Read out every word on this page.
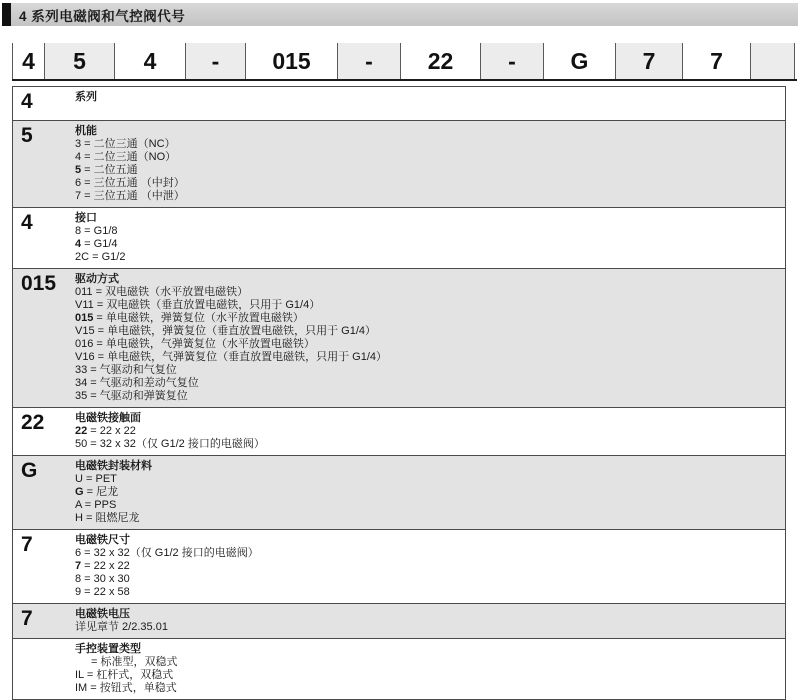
4 系列电磁阀和气控阀代号
4	5	4	-	015	-	22	-	G	7	7
4	系列
5	机能
3 = 二位三通（NC）
4 = 二位三通（NO）
5 = 二位五通
6 = 三位五通 （中封）
7 = 三位五通 （中泄）
4	接口
8 = G1/8
4 = G1/4
2C = G1/2
015	驱动方式
011 = 双电磁铁（水平放置电磁铁）
V11 = 双电磁铁（垂直放置电磁铁，只用于 G1/4）
015 = 单电磁铁，弹簧复位（水平放置电磁铁）
V15 = 单电磁铁，弹簧复位（垂直放置电磁铁，只用于 G1/4）
016 = 单电磁铁，气弹簧复位（水平放置电磁铁）
V16 = 单电磁铁，气弹簧复位（垂直放置电磁铁，只用于 G1/4）
33 = 气驱动和气复位
34 = 气驱动和差动气复位
35 = 气驱动和弹簧复位
22	电磁铁接触面
22 = 22 x 22
50 = 32 x 32（仅 G1/2 接口的电磁阀）
G	电磁铁封装材料
U = PET
G = 尼龙
A = PPS
H = 阻燃尼龙
7	电磁铁尺寸
6 = 32 x 32（仅 G1/2 接口的电磁阀）
7 = 22 x 22
8 = 30 x 30
9 = 22 x 58
7	电磁铁电压
详见章节 2/2.35.01
手控装置类型
= 标准型，双稳式
IL = 杠杆式，双稳式
IM = 按钮式，单稳式
